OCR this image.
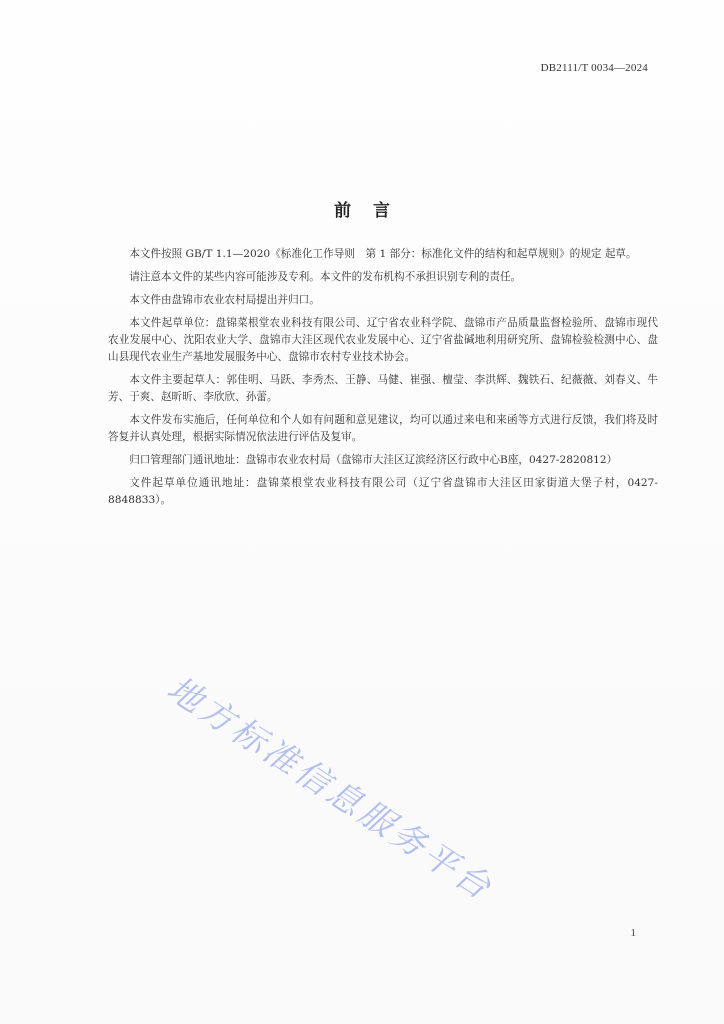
DB2111/T 0034—2024
前言

本文件按照 GB/T 1.1—2020《标准化工作导则　第 1 部分：标准化文件的结构和起草规则》的规定 起草。

请注意本文件的某些内容可能涉及专利。本文件的发布机构不承担识别专利的责任。

本文件由盘锦市农业农村局提出并归口。

本文件起草单位：盘锦菜根堂农业科技有限公司、辽宁省农业科学院、盘锦市产品质量监督检验所、盘锦市现代农业发展中心、沈阳农业大学、盘锦市大洼区现代农业发展中心、辽宁省盐碱地利用研究所、盘锦检验检测中心、盘山县现代农业生产基地发展服务中心、盘锦市农村专业技术协会。

本文件主要起草人：郭佳明、马跃、李秀杰、王静、马健、崔强、檀莹、李洪辉、魏铁石、纪薇薇、刘春义、牛芳、于爽、赵昕昕、李欣欣、孙蕾。

本文件发布实施后，任何单位和个人如有问题和意见建议，均可以通过来电和来函等方式进行反馈，我们将及时答复并认真处理，根据实际情况依法进行评估及复审。

归口管理部门通讯地址：盘锦市农业农村局（盘锦市大洼区辽滨经济区行政中心B座，0427-2820812）

文件起草单位通讯地址：盘锦菜根堂农业科技有限公司（辽宁省盘锦市大洼区田家街道大堡子村，0427-8848833）。

地方标准信息服务平台
1
